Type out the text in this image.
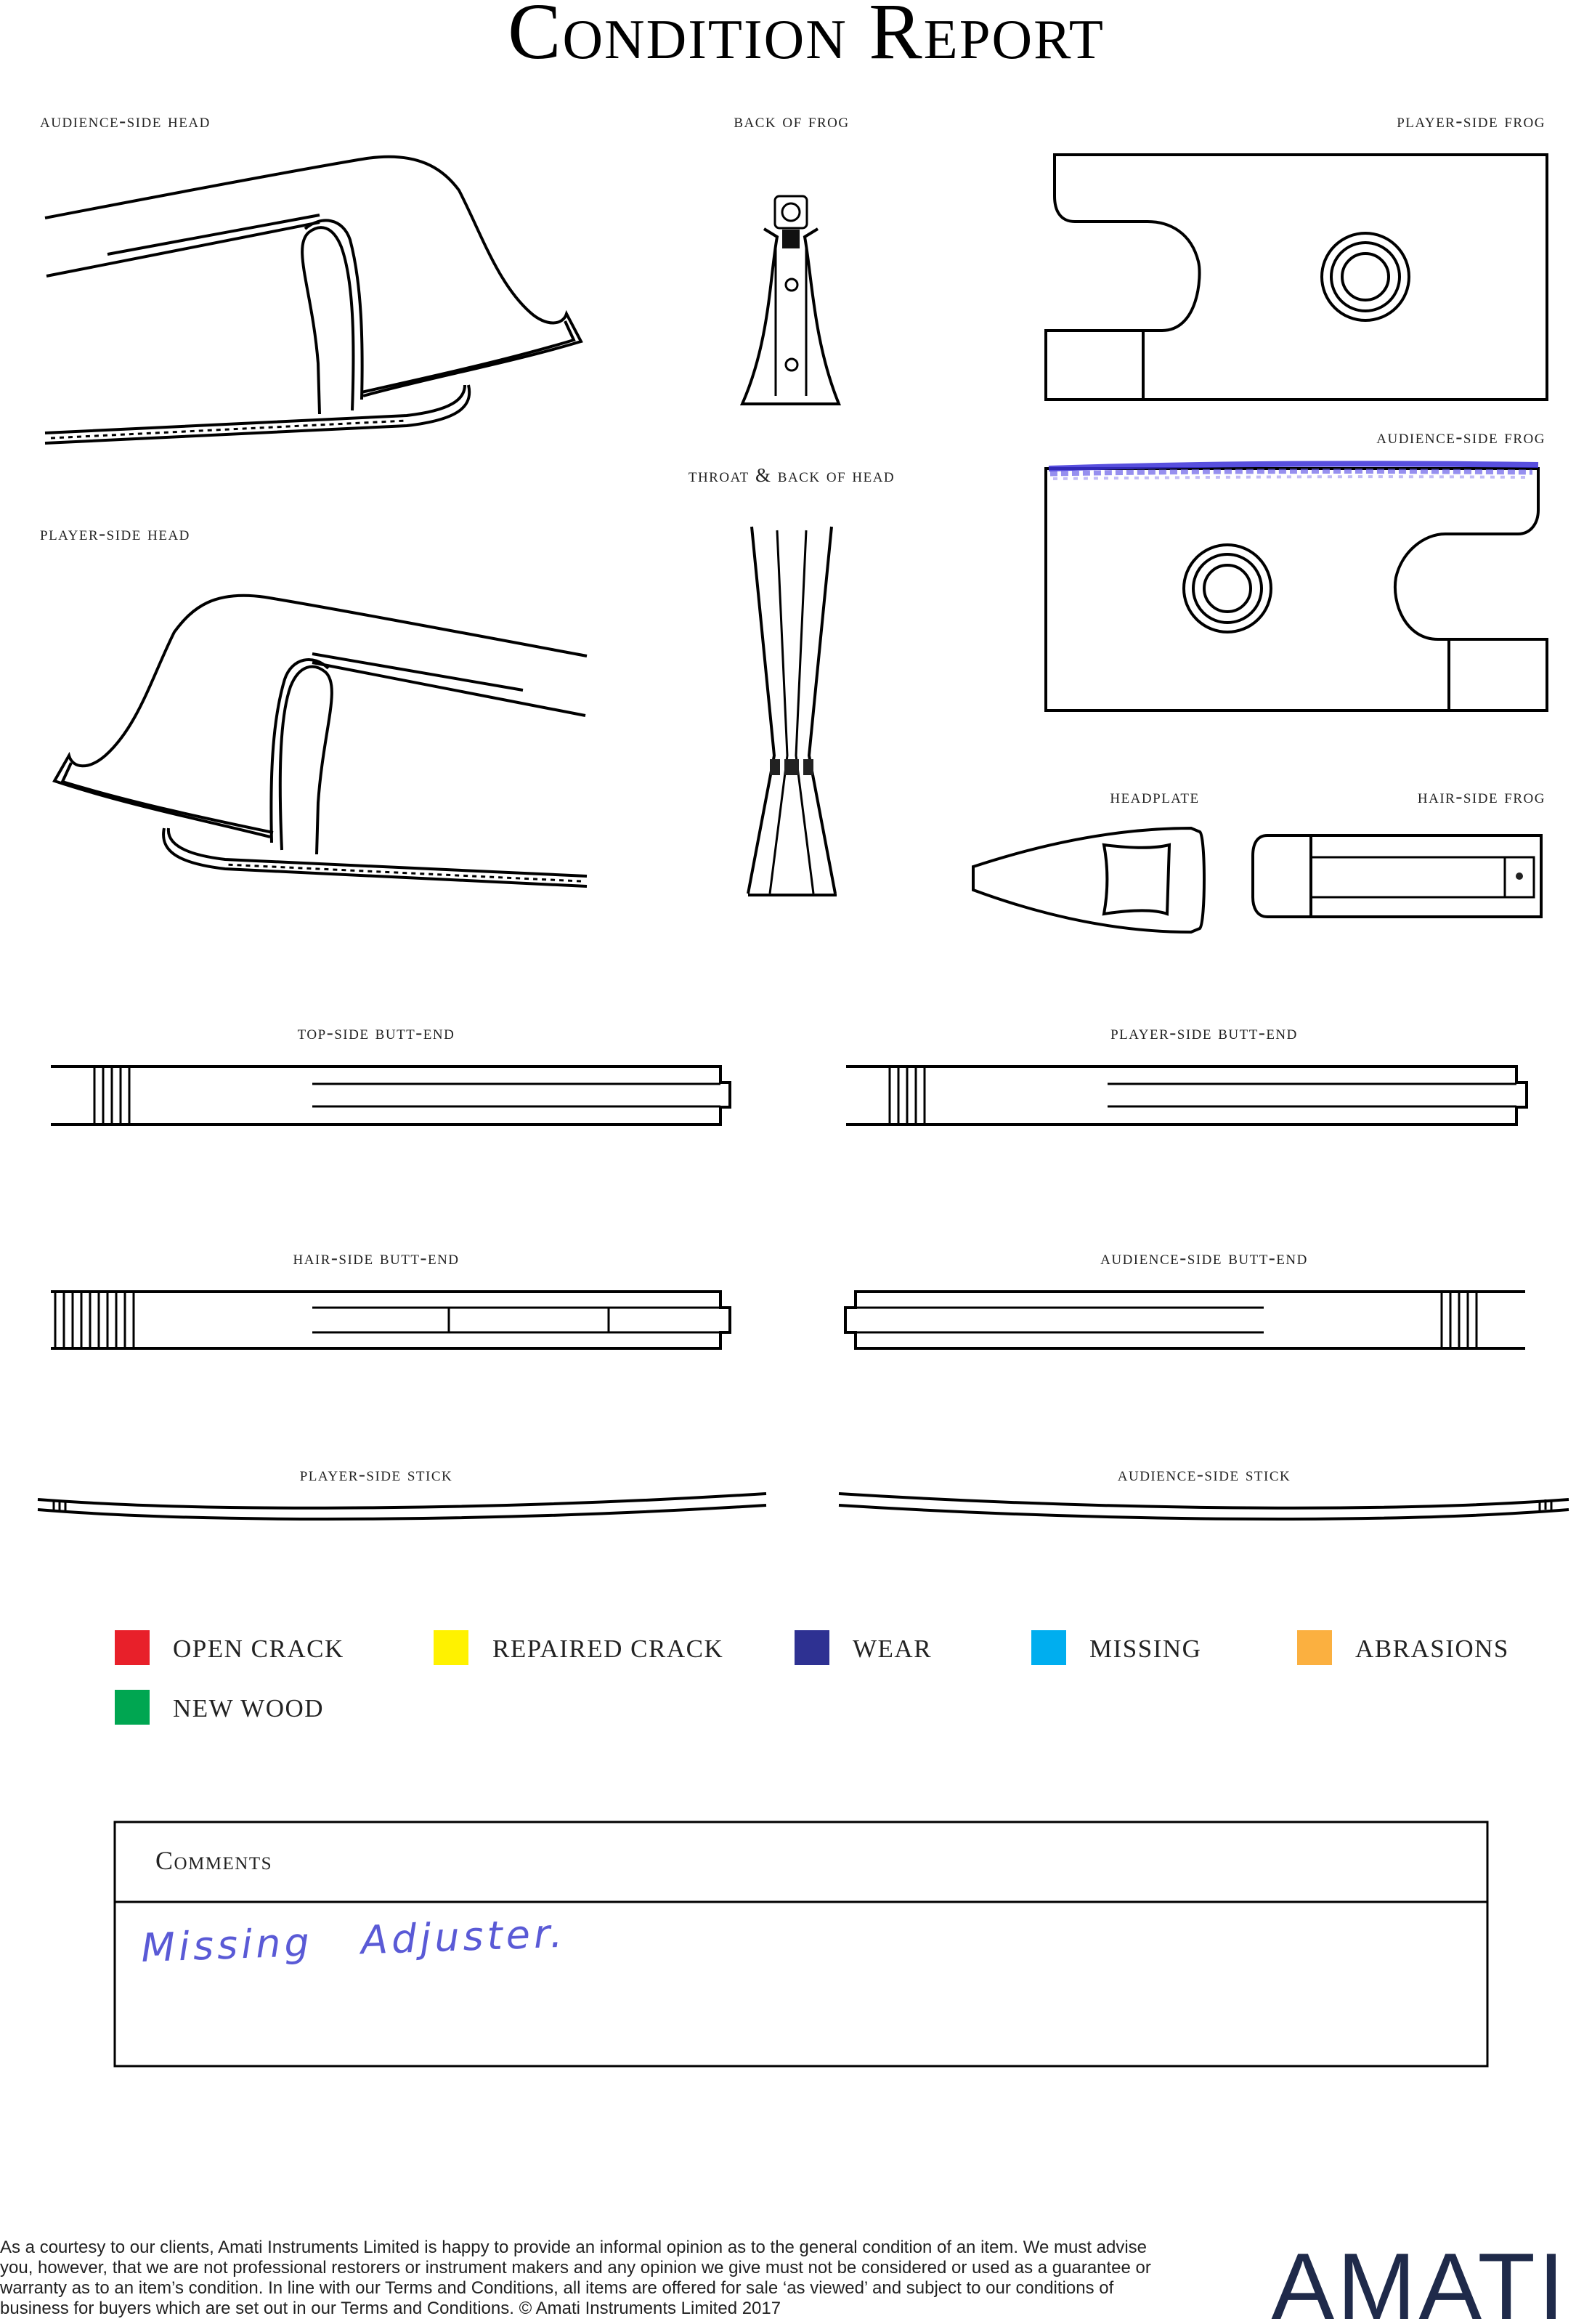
Condition Report
audience-side head
player-side head
back of frog
throat & back of head
player-side frog
audience-side frog
headplate	hair-side frog
top-side butt-end	player-side butt-end
hair-side butt-end	audience-side butt-end
player-side stick	audience-side stick
OPEN CRACK	REPAIRED CRACK	WEAR	MISSING	ABRASIONS
NEW WOOD
Comments
Missing   Adjuster.
AMATI

As a courtesy to our clients, Amati Instruments Limited is happy to provide an informal opinion as to the general condition of an item. We must advise you, however, that we are not professional restorers or instrument makers and any opinion we give must not be considered or used as a guarantee or warranty as to an item’s condition. In line with our Terms and Conditions, all items are offered for sale ‘as viewed’ and subject to our conditions of business for buyers which are set out in our Terms and Conditions. © Amati Instruments Limited 2017
